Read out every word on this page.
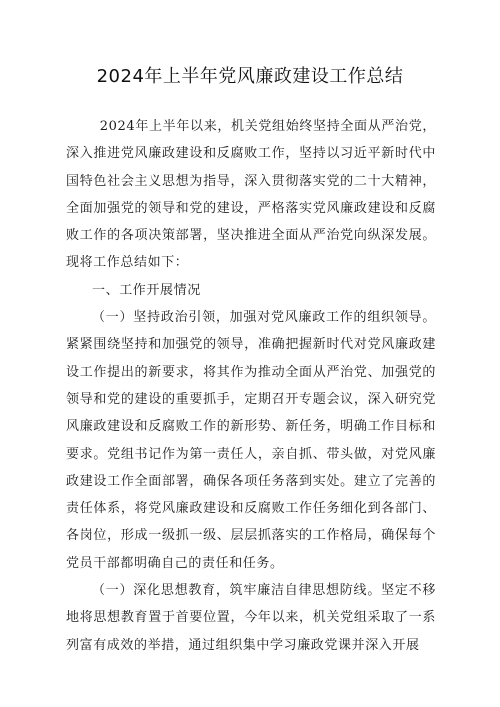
2024年上半年党风廉政建设工作总结

2024年上半年以来，机关党组始终坚持全面从严治党，深入推进党风廉政建设和反腐败工作，坚持以习近平新时代中国特色社会主义思想为指导，深入贯彻落实党的二十大精神，全面加强党的领导和党的建设，严格落实党风廉政建设和反腐败工作的各项决策部署，坚决推进全面从严治党向纵深发展。现将工作总结如下：

一、工作开展情况

（一）坚持政治引领，加强对党风廉政工作的组织领导。紧紧围绕坚持和加强党的领导，准确把握新时代对党风廉政建设工作提出的新要求，将其作为推动全面从严治党、加强党的领导和党的建设的重要抓手，定期召开专题会议，深入研究党风廉政建设和反腐败工作的新形势、新任务，明确工作目标和要求。党组书记作为第一责任人，亲自抓、带头做，对党风廉政建设工作全面部署，确保各项任务落到实处。建立了完善的责任体系，将党风廉政建设和反腐败工作任务细化到各部门、各岗位，形成一级抓一级、层层抓落实的工作格局，确保每个党员干部都明确自己的责任和任务。

（一）深化思想教育，筑牢廉洁自律思想防线。坚定不移地将思想教育置于首要位置，今年以来，机关党组采取了一系列富有成效的举措，通过组织集中学习廉政党课并深入开展
